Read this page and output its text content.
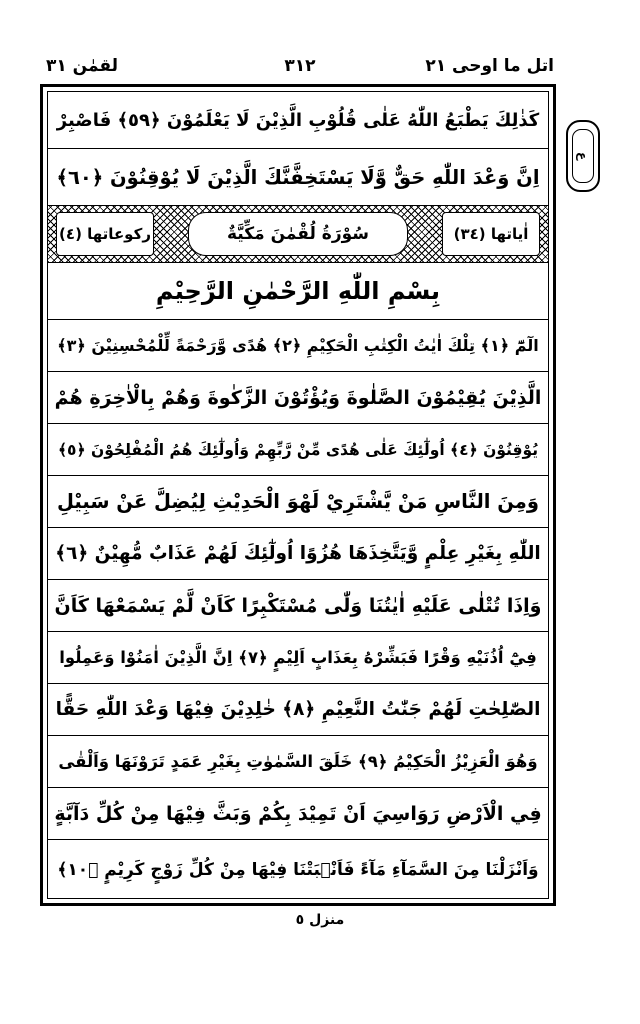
اتل ما اوحی ٢١
٣١٢
لقمٰن ٣١
ع
كَذٰلِكَ يَطْبَعُ اللّٰهُ عَلٰى قُلُوْبِ الَّذِيْنَ لَا يَعْلَمُوْنَ ﴿٥٩﴾ فَاصْبِرْ
اِنَّ وَعْدَ اللّٰهِ حَقٌّ وَّلَا يَسْتَخِفَّنَّكَ الَّذِيْنَ لَا يُوْقِنُوْنَ ﴿٦٠﴾
اٰياتها (٣٤)
سُوْرَةُ لُقْمٰنَ مَكِّيَّةٌ
رکوعاتها (٤)
بِسْمِ اللّٰهِ الرَّحْمٰنِ الرَّحِيْمِ
الٓمّٓ ﴿١﴾ تِلْكَ اٰيٰتُ الْكِتٰبِ الْحَكِيْمِ ﴿٢﴾ هُدًى وَّرَحْمَةً لِّلْمُحْسِنِيْنَ ﴿٣﴾
الَّذِيْنَ يُقِيْمُوْنَ الصَّلٰوةَ وَيُؤْتُوْنَ الزَّكٰوةَ وَهُمْ بِالْاٰخِرَةِ هُمْ
يُوْقِنُوْنَ ﴿٤﴾ اُولٰٓئِكَ عَلٰى هُدًى مِّنْ رَّبِّهِمْ وَاُولٰٓئِكَ هُمُ الْمُفْلِحُوْنَ ﴿٥﴾
وَمِنَ النَّاسِ مَنْ يَّشْتَرِيْ لَهْوَ الْحَدِيْثِ لِيُضِلَّ عَنْ سَبِيْلِ
اللّٰهِ بِغَيْرِ عِلْمٍ وَّيَتَّخِذَهَا هُزُوًا اُولٰٓئِكَ لَهُمْ عَذَابٌ مُّهِيْنٌ ﴿٦﴾
وَاِذَا تُتْلٰى عَلَيْهِ اٰيٰتُنَا وَلّٰى مُسْتَكْبِرًا كَاَنْ لَّمْ يَسْمَعْهَا كَاَنَّ
فِيْٓ اُذُنَيْهِ وَقْرًا فَبَشِّرْهُ بِعَذَابٍ اَلِيْمٍ ﴿٧﴾ اِنَّ الَّذِيْنَ اٰمَنُوْا وَعَمِلُوا
الصّٰلِحٰتِ لَهُمْ جَنّٰتُ النَّعِيْمِ ﴿٨﴾ خٰلِدِيْنَ فِيْهَا وَعْدَ اللّٰهِ حَقًّا
وَهُوَ الْعَزِيْزُ الْحَكِيْمُ ﴿٩﴾ خَلَقَ السَّمٰوٰتِ بِغَيْرِ عَمَدٍ تَرَوْنَهَا وَاَلْقٰى
فِي الْاَرْضِ رَوَاسِيَ اَنْ تَمِيْدَ بِكُمْ وَبَثَّ فِيْهَا مِنْ كُلِّ دَآبَّةٍ
وَاَنْزَلْنَا مِنَ السَّمَآءِ مَآءً فَاَنْۢبَتْنَا فِيْهَا مِنْ كُلِّ زَوْجٍ كَرِيْمٍ ﴿١٠﴾
منزل ٥
